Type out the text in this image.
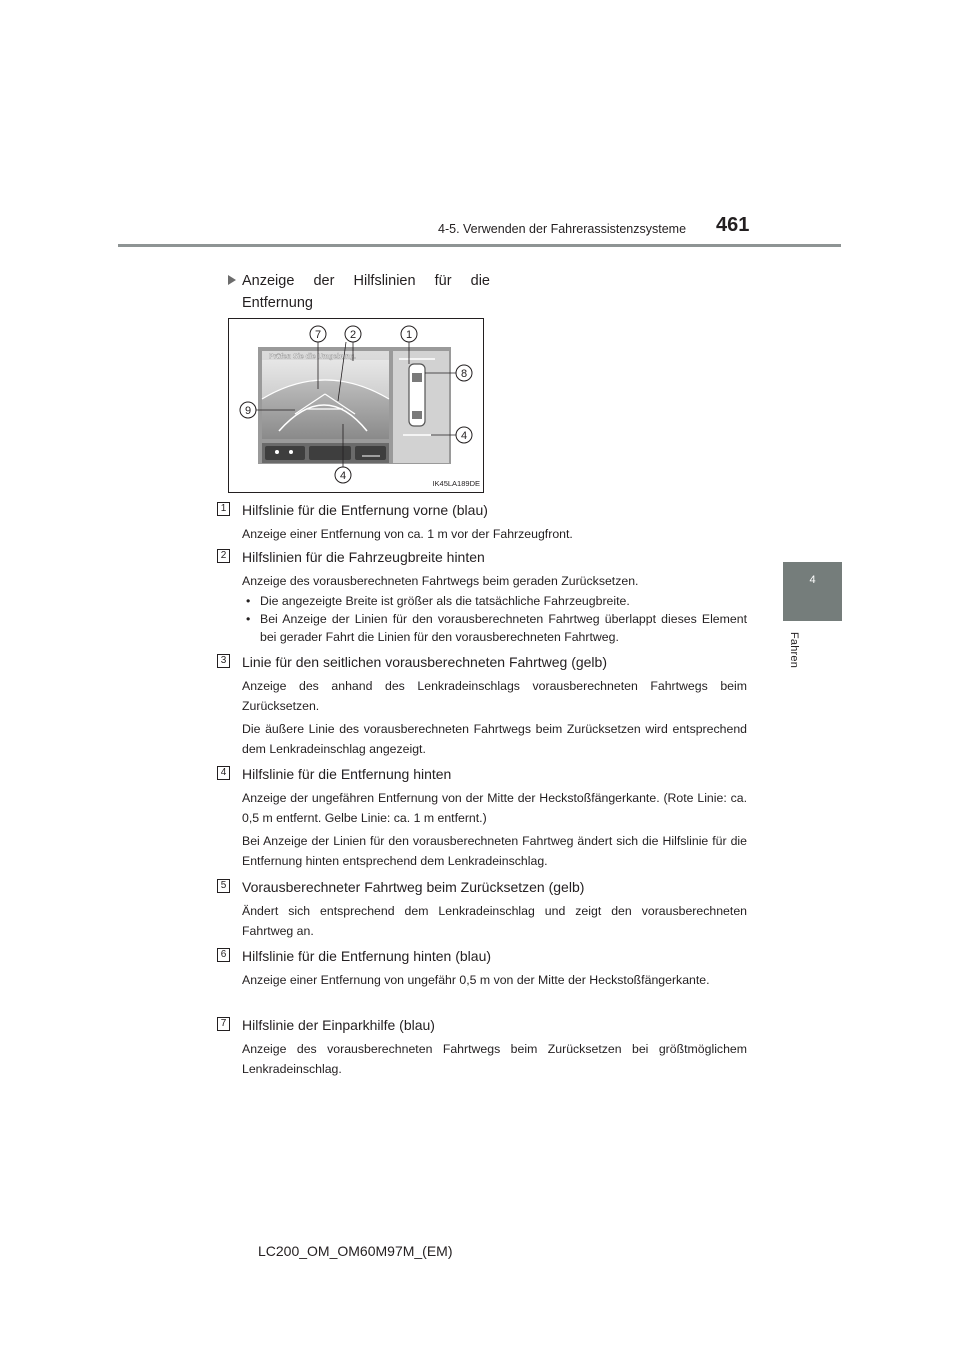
4-5. Verwenden der Fahrerassistenzsysteme 461
4
Fahren
Anzeige der Hilfslinien für die Entfernung
Prüfen Sie die Umgebung.
7	2	1
8
9
4
4
IK45LA189DE
1 Hilfslinie für die Entfernung vorne (blau)
Anzeige einer Entfernung von ca. 1 m vor der Fahrzeugfront.
2 Hilfslinien für die Fahrzeugbreite hinten
Anzeige des vorausberechneten Fahrtwegs beim geraden Zurücksetzen.
• Die angezeigte Breite ist größer als die tatsächliche Fahrzeugbreite.
• Bei Anzeige der Linien für den vorausberechneten Fahrtweg überlappt dieses Element bei gerader Fahrt die Linien für den vorausberechneten Fahrtweg.
3 Linie für den seitlichen vorausberechneten Fahrtweg (gelb)
Anzeige des anhand des Lenkradeinschlags vorausberechneten Fahrtwegs beim Zurücksetzen.
Die äußere Linie des vorausberechneten Fahrtwegs beim Zurücksetzen wird entsprechend dem Lenkradeinschlag angezeigt.
4 Hilfslinie für die Entfernung hinten
Anzeige der ungefähren Entfernung von der Mitte der Heckstoßfängerkante. (Rote Linie: ca. 0,5 m entfernt. Gelbe Linie: ca. 1 m entfernt.)
Bei Anzeige der Linien für den vorausberechneten Fahrtweg ändert sich die Hilfslinie für die Entfernung hinten entsprechend dem Lenkradeinschlag.
5 Vorausberechneter Fahrtweg beim Zurücksetzen (gelb)
Ändert sich entsprechend dem Lenkradeinschlag und zeigt den vorausberechneten Fahrtweg an.
6 Hilfslinie für die Entfernung hinten (blau)
Anzeige einer Entfernung von ungefähr 0,5 m von der Mitte der Heckstoßfängerkante.
7 Hilfslinie der Einparkhilfe (blau)
Anzeige des vorausberechneten Fahrtwegs beim Zurücksetzen bei größtmöglichem Lenkradeinschlag.
LC200_OM_OM60M97M_(EM)
